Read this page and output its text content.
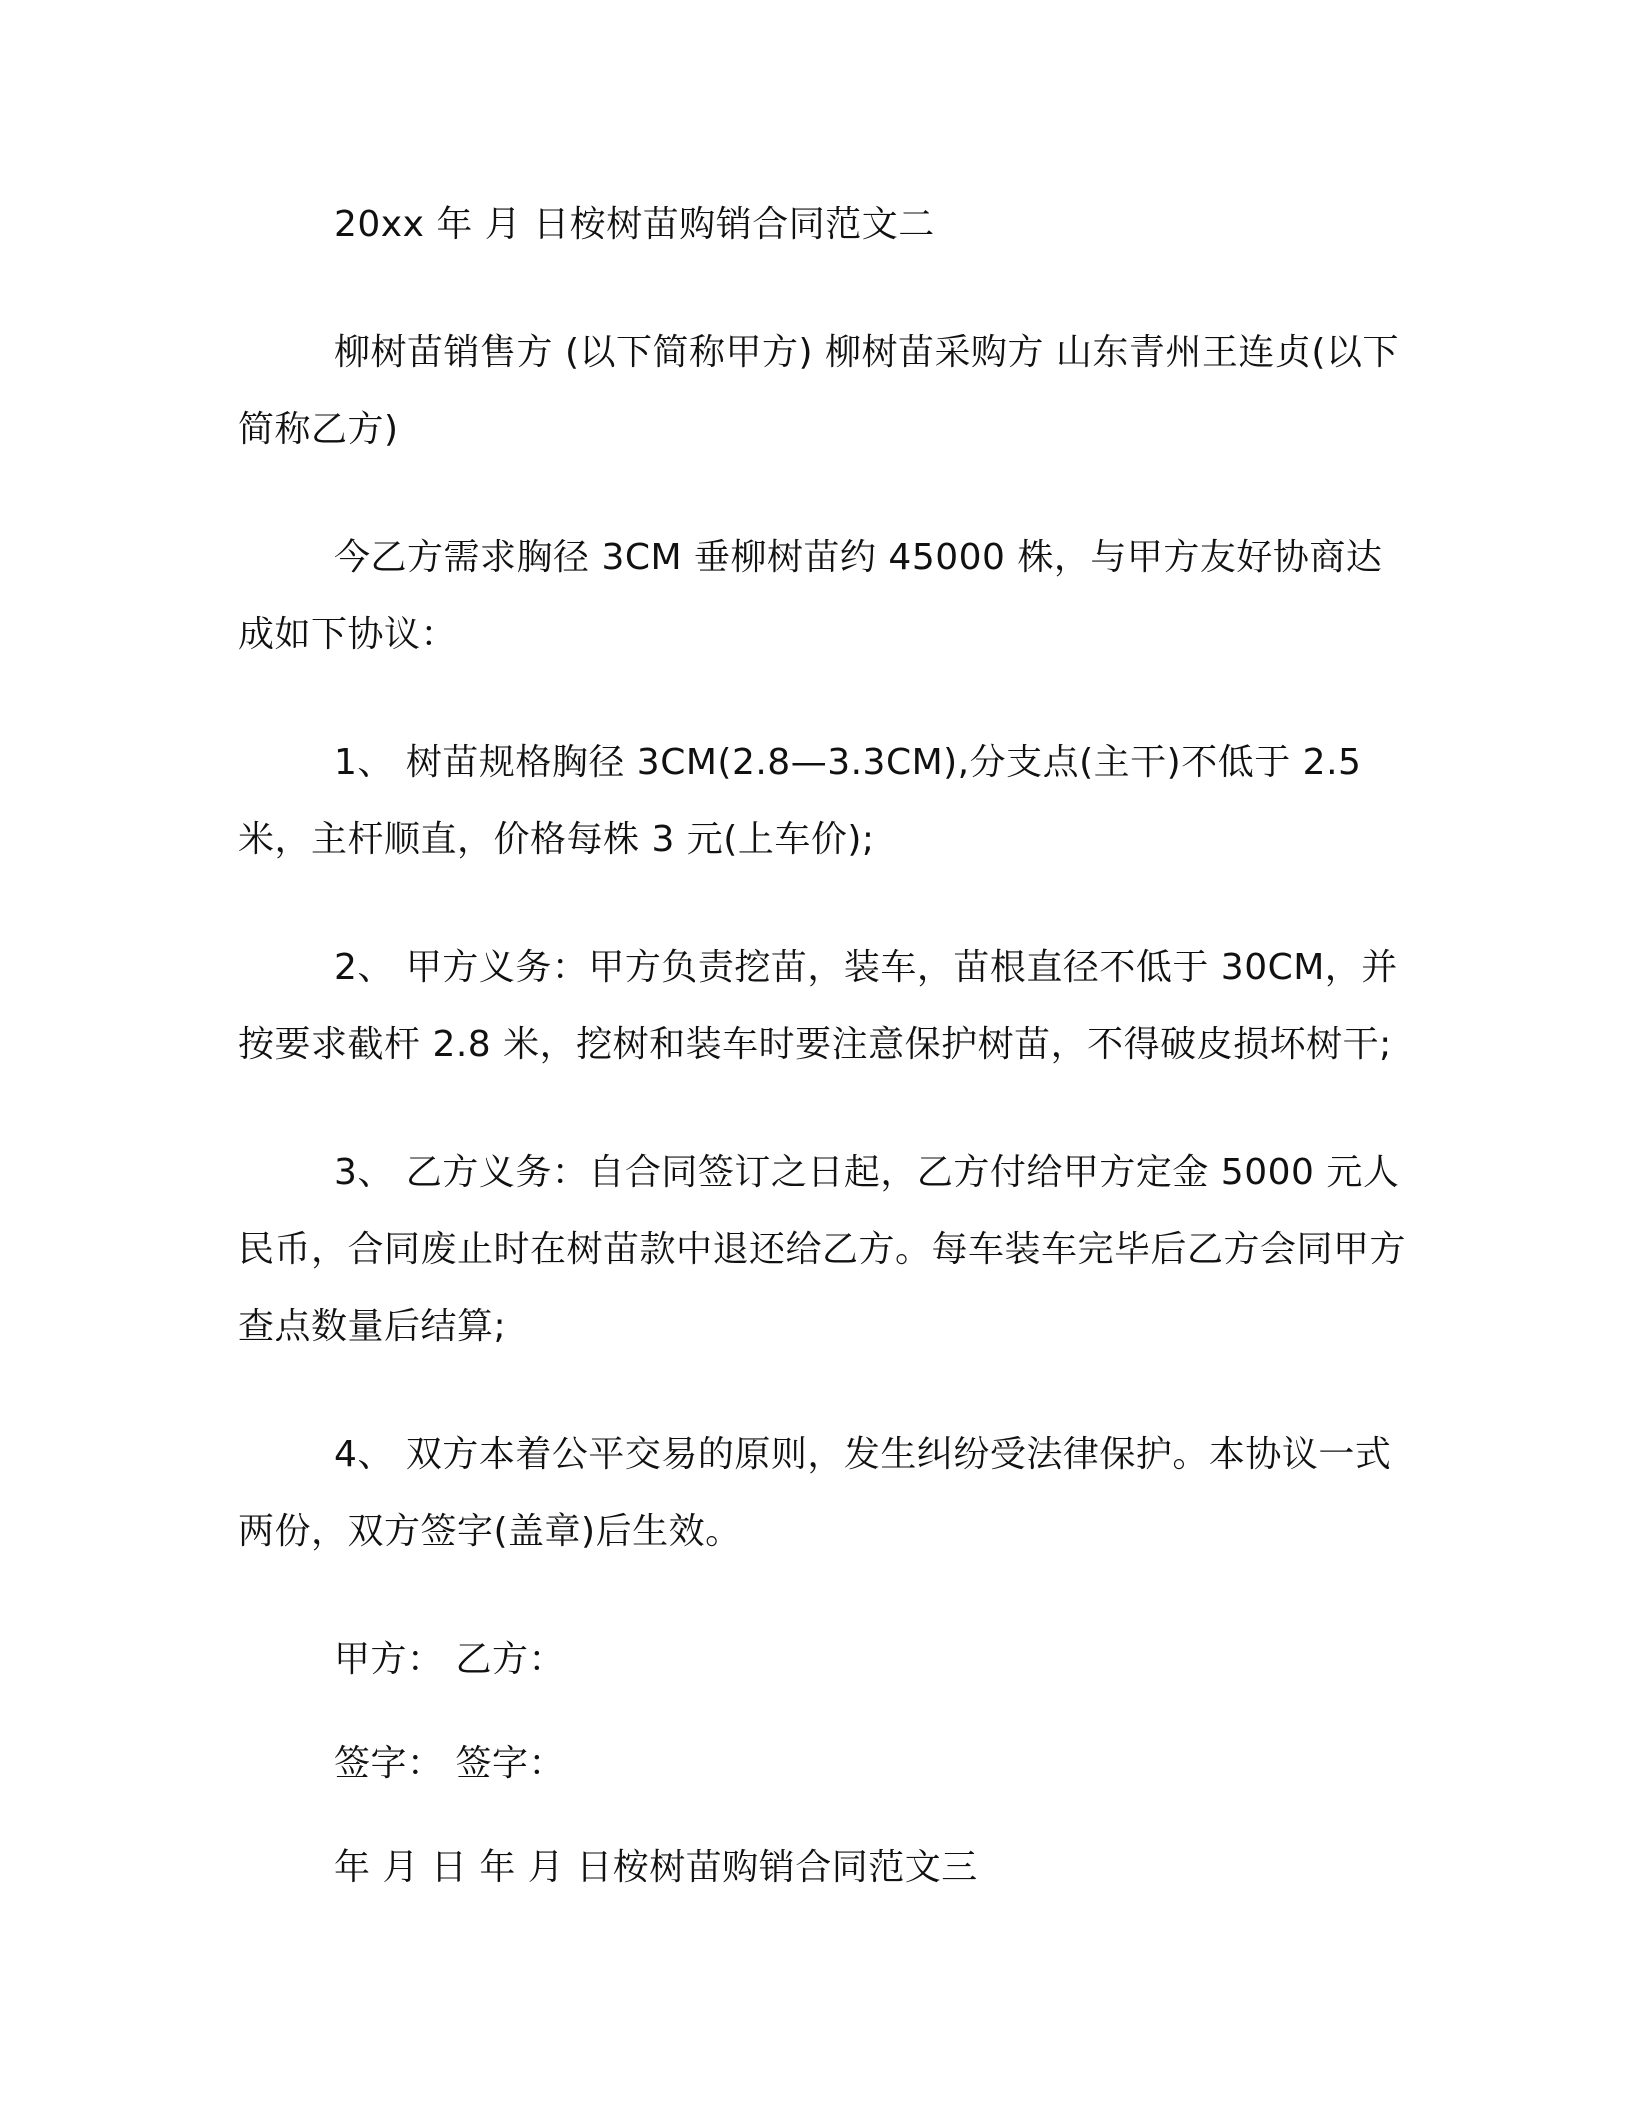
20xx 年 月 日桉树苗购销合同范文二

柳树苗销售方 (以下简称甲方) 柳树苗采购方 山东青州王连贞(以下简称乙方)

今乙方需求胸径 3CM 垂柳树苗约 45000 株，与甲方友好协商达成如下协议：

1、 树苗规格胸径 3CM(2.8—3.3CM),分支点(主干)不低于 2.5 米，主杆顺直，价格每株 3 元(上车价);

2、 甲方义务：甲方负责挖苗，装车，苗根直径不低于 30CM，并按要求截杆 2.8 米，挖树和装车时要注意保护树苗，不得破皮损坏树干;

3、 乙方义务：自合同签订之日起，乙方付给甲方定金 5000 元人民币，合同废止时在树苗款中退还给乙方。每车装车完毕后乙方会同甲方查点数量后结算;

4、 双方本着公平交易的原则，发生纠纷受法律保护。本协议一式两份，双方签字(盖章)后生效。

甲方： 乙方：

签字： 签字：

年 月 日 年 月 日桉树苗购销合同范文三
